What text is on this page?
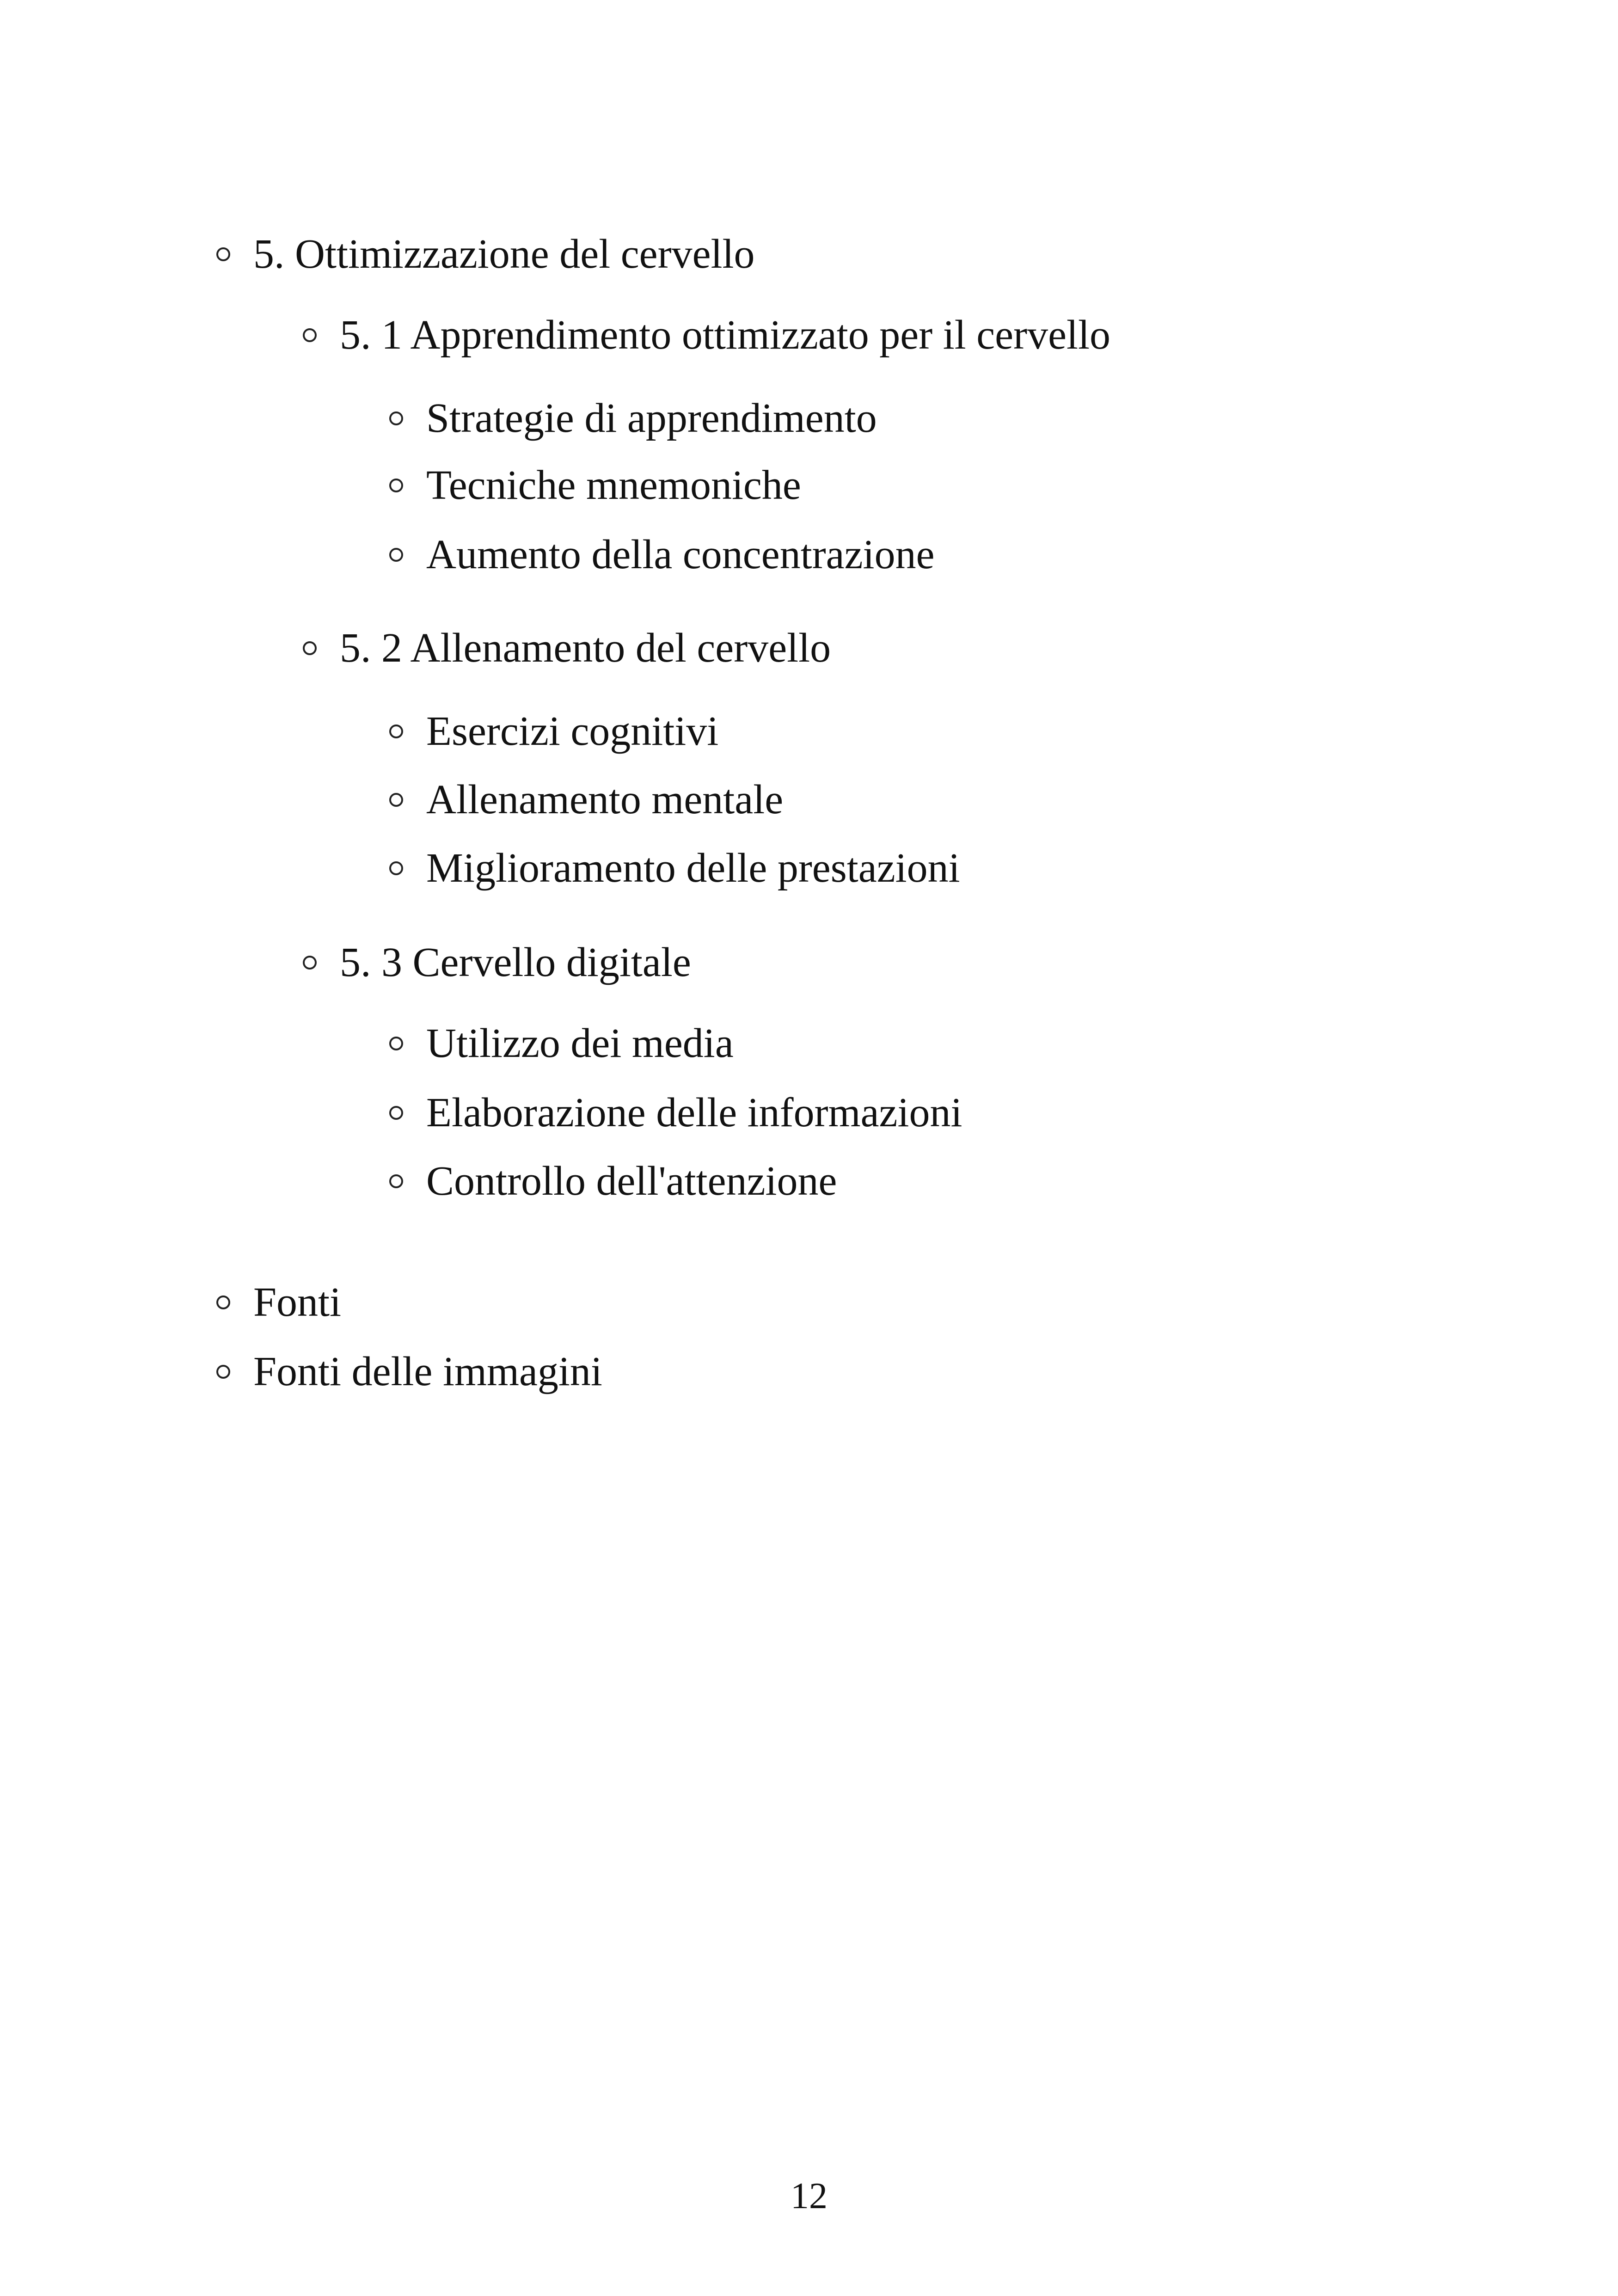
5. Ottimizzazione del cervello
5. 1 Apprendimento ottimizzato per il cervello
Strategie di apprendimento
Tecniche mnemoniche
Aumento della concentrazione
5. 2 Allenamento del cervello
Esercizi cognitivi
Allenamento mentale
Miglioramento delle prestazioni
5. 3 Cervello digitale
Utilizzo dei media
Elaborazione delle informazioni
Controllo dell'attenzione
Fonti
Fonti delle immagini
12
